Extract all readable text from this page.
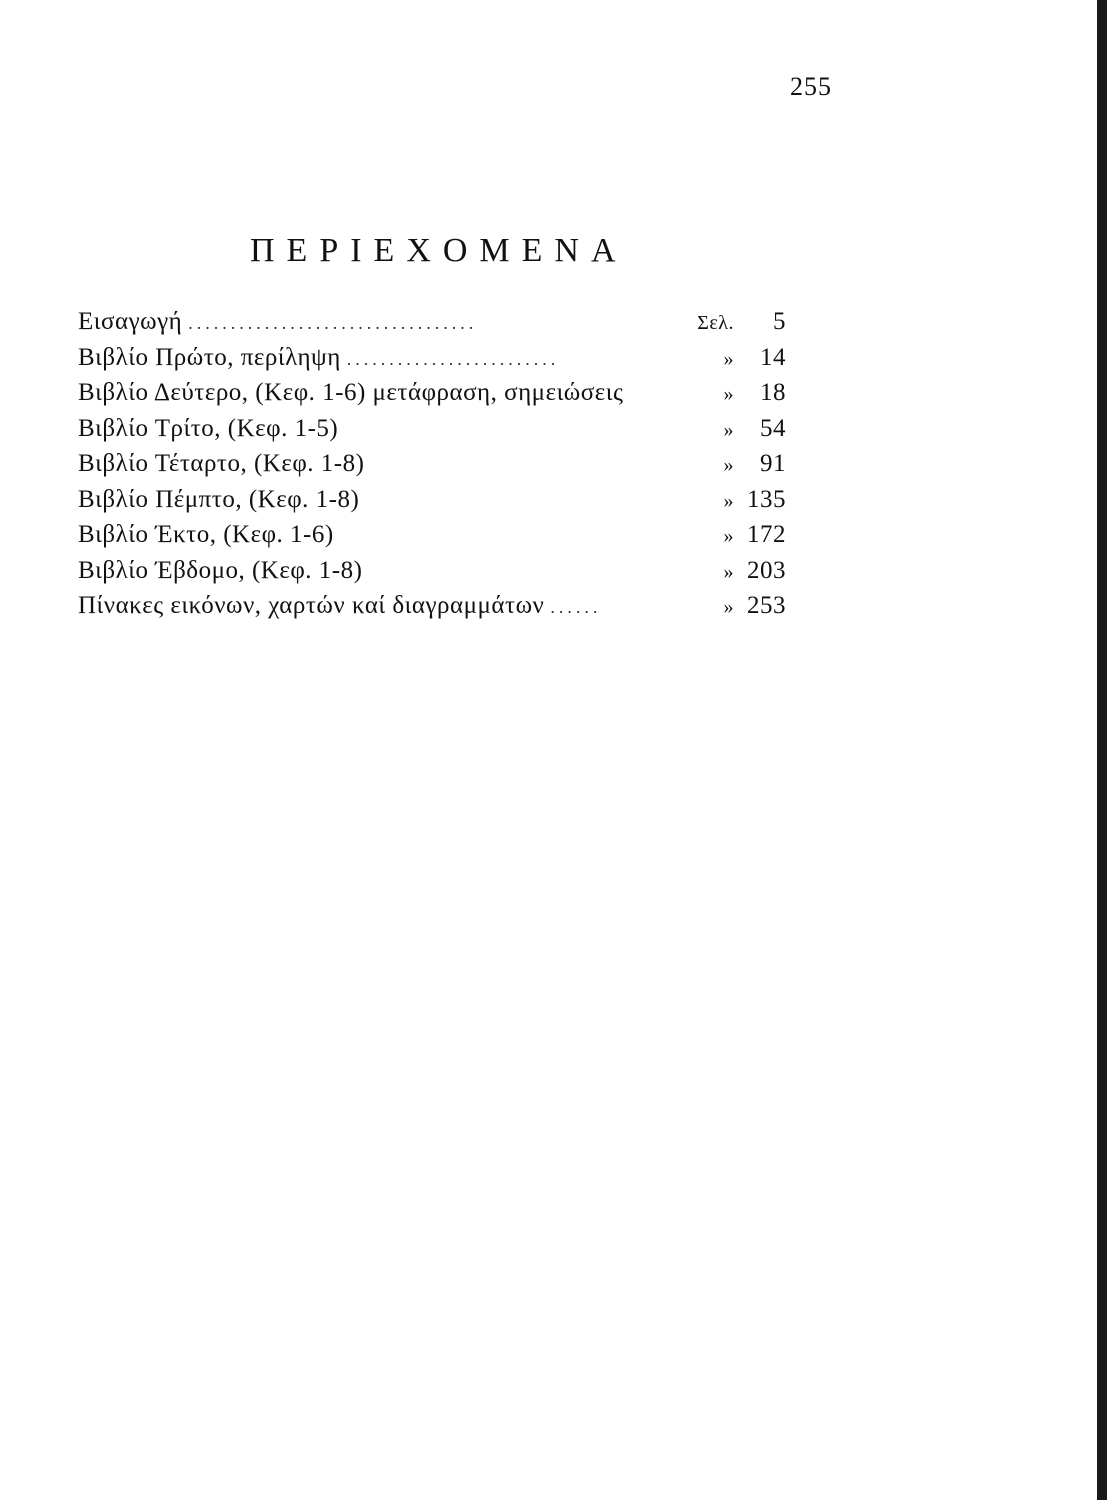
255
ΠΕΡΙΕΧΟΜΕΝΑ
Εισαγωγή ..................................	Σελ.	5
Βιβλίο Πρώτο, περίληψη .........................	»	14
Βιβλίο Δεύτερο, (Κεφ. 1-6) μετάφραση, σημειώσεις	»	18
Βιβλίο Τρίτο, (Κεφ. 1-5)	»	54
Βιβλίο Τέταρτο, (Κεφ. 1-8)	»	91
Βιβλίο Πέμπτο, (Κεφ. 1-8)	» 135
Βιβλίο Έκτο, (Κεφ. 1-6)	» 172
Βιβλίο Έβδομο, (Κεφ. 1-8)	» 203
Πίνακες εικόνων, χαρτών καί διαγραμμάτων ......	» 253
